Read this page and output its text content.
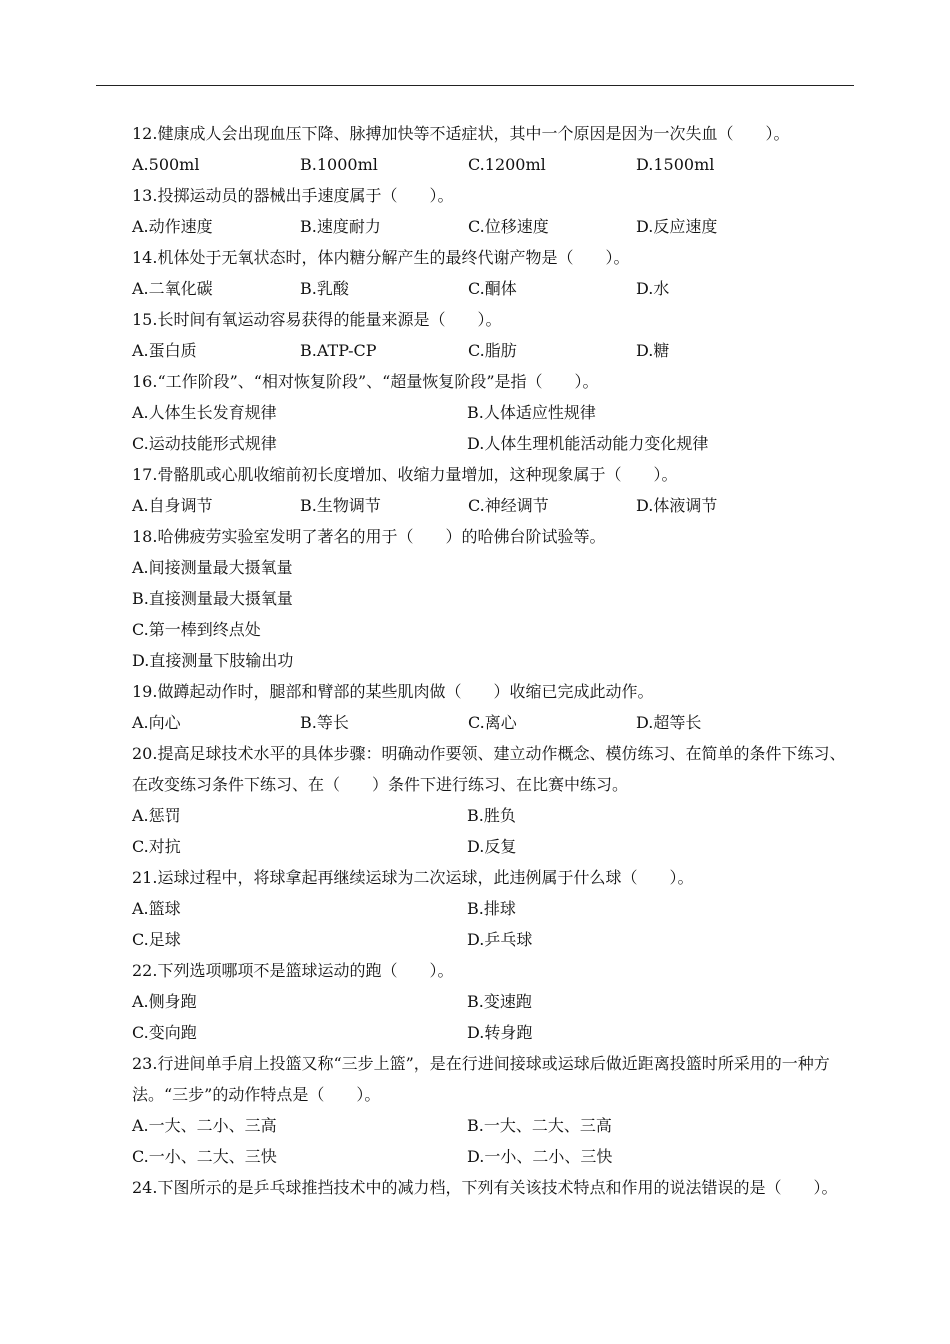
12.健康成人会出现血压下降、脉搏加快等不适症状，其中一个原因是因为一次失血（　　）。
A.500ml	B.1000ml	C.1200ml	D.1500ml
13.投掷运动员的器械出手速度属于（　　）。
A.动作速度	B.速度耐力	C.位移速度	D.反应速度
14.机体处于无氧状态时，体内糖分解产生的最终代谢产物是（　　）。
A.二氧化碳	B.乳酸	C.酮体	D.水
15.长时间有氧运动容易获得的能量来源是（　　）。
A.蛋白质	B.ATP-CP	C.脂肪	D.糖
16.“工作阶段”、“相对恢复阶段”、“超量恢复阶段”是指（　　）。
A.人体生长发育规律	B.人体适应性规律
C.运动技能形式规律	D.人体生理机能活动能力变化规律
17.骨骼肌或心肌收缩前初长度增加、收缩力量增加，这种现象属于（　　）。
A.自身调节	B.生物调节	C.神经调节	D.体液调节
18.哈佛疲劳实验室发明了著名的用于（　　）的哈佛台阶试验等。
A.间接测量最大摄氧量
B.直接测量最大摄氧量
C.第一棒到终点处
D.直接测量下肢输出功
19.做蹲起动作时，腿部和臂部的某些肌肉做（　　）收缩已完成此动作。
A.向心	B.等长	C.离心	D.超等长
20.提高足球技术水平的具体步骤：明确动作要领、建立动作概念、模仿练习、在简单的条件下练习、在改变练习条件下练习、在（　　）条件下进行练习、在比赛中练习。
A.惩罚	B.胜负
C.对抗	D.反复
21.运球过程中，将球拿起再继续运球为二次运球，此违例属于什么球（　　）。
A.篮球	B.排球
C.足球	D.乒乓球
22.下列选项哪项不是篮球运动的跑（　　）。
A.侧身跑	B.变速跑
C.变向跑	D.转身跑
23.行进间单手肩上投篮又称“三步上篮”，是在行进间接球或运球后做近距离投篮时所采用的一种方法。“三步”的动作特点是（　　）。
A.一大、二小、三高	B.一大、二大、三高
C.一小、二大、三快	D.一小、二小、三快
24.下图所示的是乒乓球推挡技术中的减力档，下列有关该技术特点和作用的说法错误的是（　　）。
